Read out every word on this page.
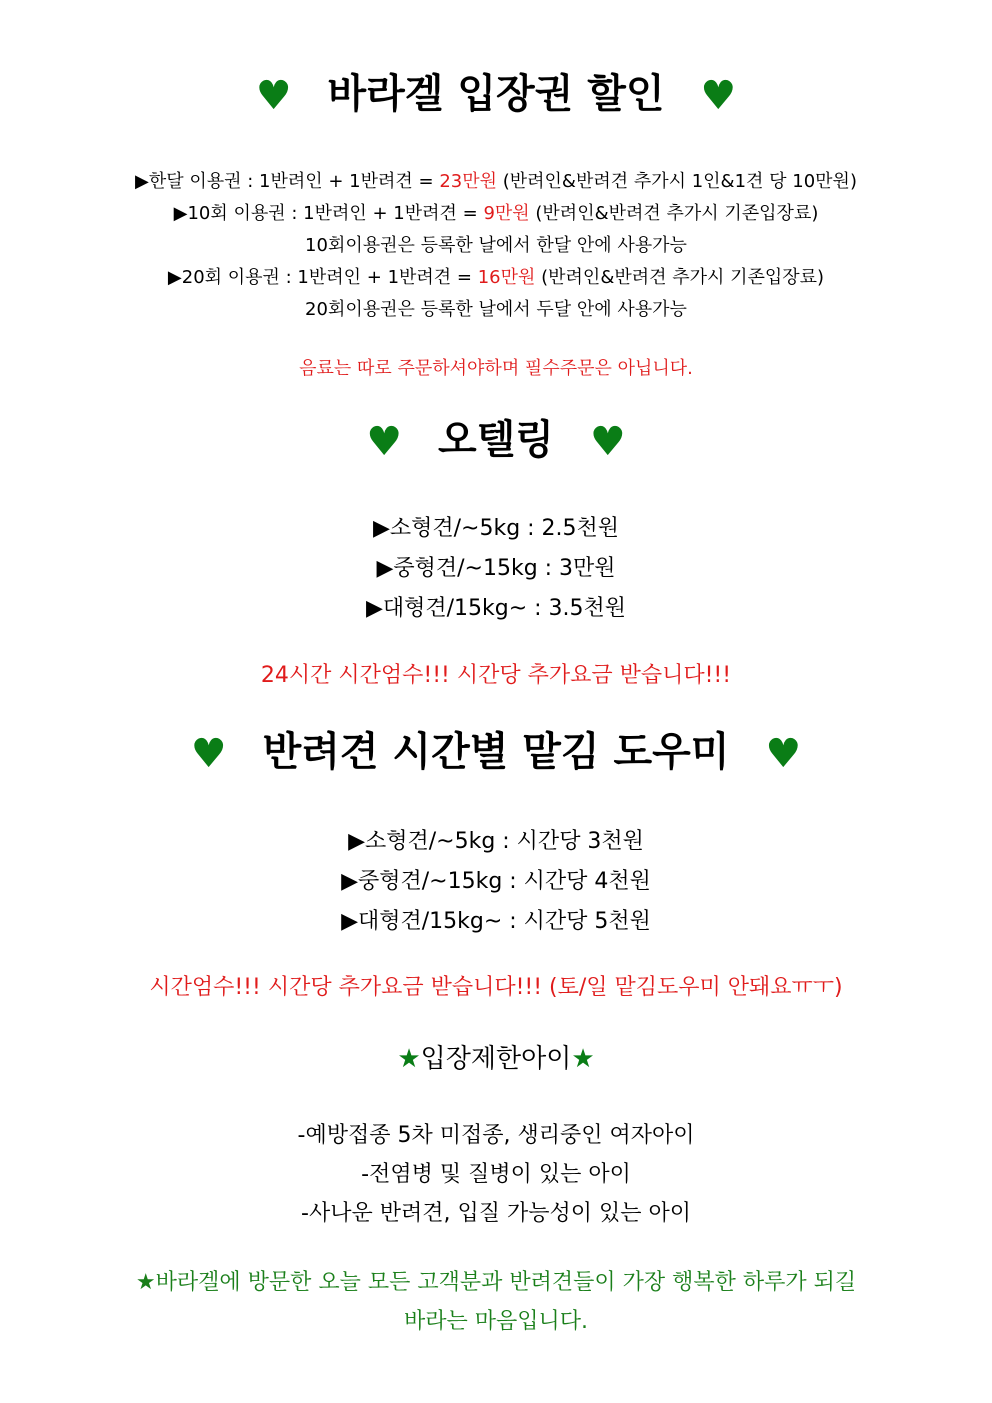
♥ 바라겔 입장권 할인 ♥
▶한달 이용권 : 1반려인 + 1반려견 = 23만원 (반려인&반려견 추가시 1인&1견 당 10만원)
▶10회 이용권 : 1반려인 + 1반려견 = 9만원 (반려인&반려견 추가시 기존입장료)
10회이용권은 등록한 날에서 한달 안에 사용가능
▶20회 이용권 : 1반려인 + 1반려견 = 16만원 (반려인&반려견 추가시 기존입장료)
20회이용권은 등록한 날에서 두달 안에 사용가능
음료는 따로 주문하셔야하며 필수주문은 아닙니다.
♥ 오텔링 ♥
▶소형견/~5kg : 2.5천원
▶중형견/~15kg : 3만원
▶대형견/15kg~ : 3.5천원
24시간 시간엄수!!! 시간당 추가요금 받습니다!!!
♥ 반려견 시간별 맡김 도우미 ♥
▶소형견/~5kg : 시간당 3천원
▶중형견/~15kg : 시간당 4천원
▶대형견/15kg~ : 시간당 5천원
시간엄수!!! 시간당 추가요금 받습니다!!! (토/일 맡김도우미 안돼요ㅠㅜ)
★입장제한아이★
-예방접종 5차 미접종, 생리중인 여자아이
-전염병 및 질병이 있는 아이
-사나운 반려견, 입질 가능성이 있는 아이
★바라겔에 방문한 오늘 모든 고객분과 반려견들이 가장 행복한 하루가 되길
바라는 마음입니다.
